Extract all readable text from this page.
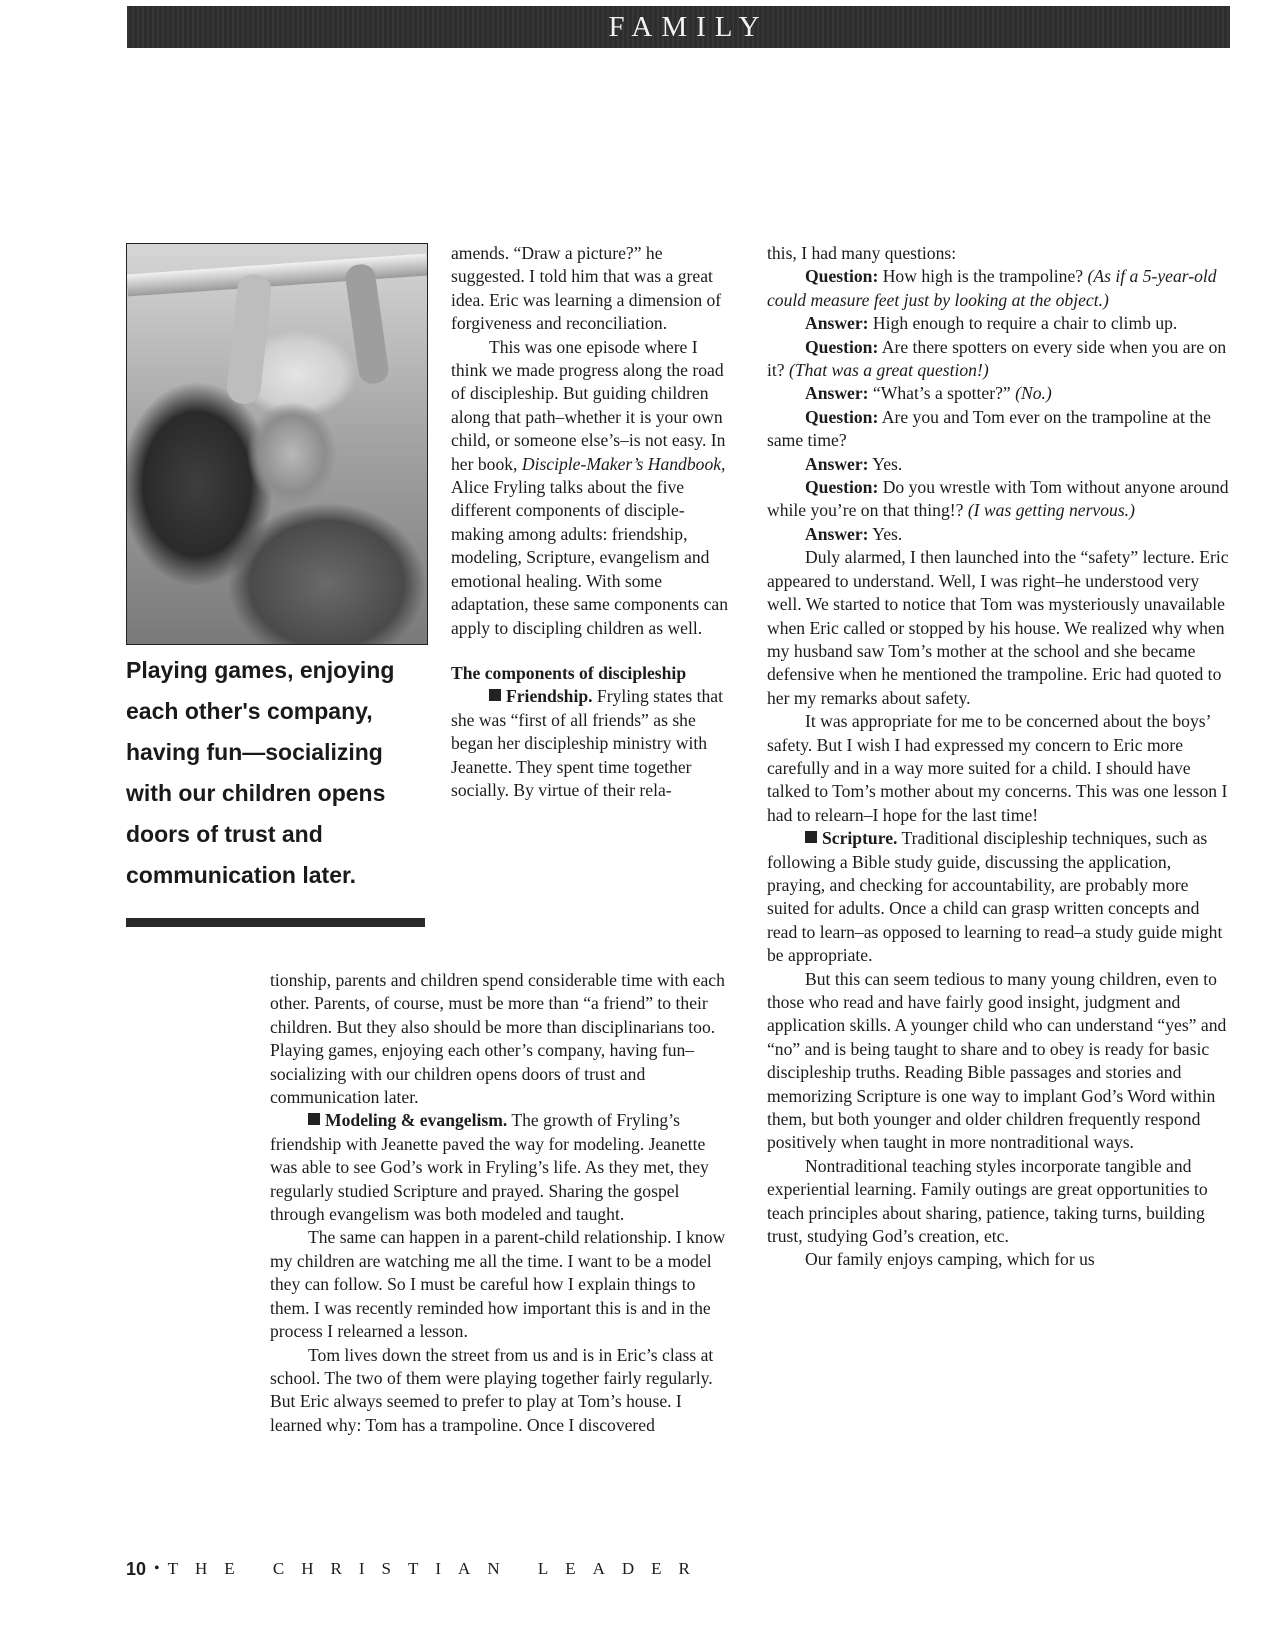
FAMILY

Playing games, enjoying each other's company, having fun—socializing with our children opens doors of trust and communication later.

amends. “Draw a picture?” he suggested. I told him that was a great idea. Eric was learning a dimension of forgiveness and reconciliation.

This was one episode where I think we made progress along the road of discipleship. But guiding children along that path–whether it is your own child, or someone else’s–is not easy. In her book, Disciple-Maker’s Handbook, Alice Fryling talks about the five different components of disciple-making among adults: friendship, modeling, Scripture, evangelism and emotional healing. With some adaptation, these same components can apply to discipling children as well.

The components of discipleship

Friendship. Fryling states that she was “first of all friends” as she began her discipleship ministry with Jeanette. They spent time together socially. By virtue of their rela-

tionship, parents and children spend considerable time with each other. Parents, of course, must be more than “a friend” to their children. But they also should be more than disciplinarians too. Playing games, enjoying each other’s company, having fun–socializing with our children opens doors of trust and communication later.

Modeling & evangelism. The growth of Fryling’s friendship with Jeanette paved the way for modeling. Jeanette was able to see God’s work in Fryling’s life. As they met, they regularly studied Scripture and prayed. Sharing the gospel through evangelism was both modeled and taught.

The same can happen in a parent-child relationship. I know my children are watching me all the time. I want to be a model they can follow. So I must be careful how I explain things to them. I was recently reminded how important this is and in the process I relearned a lesson.

Tom lives down the street from us and is in Eric’s class at school. The two of them were playing together fairly regularly. But Eric always seemed to prefer to play at Tom’s house. I learned why: Tom has a trampoline. Once I discovered

this, I had many questions:

Question: How high is the trampoline? (As if a 5-year-old could measure feet just by looking at the object.)

Answer: High enough to require a chair to climb up.

Question: Are there spotters on every side when you are on it? (That was a great question!)

Answer: “What’s a spotter?” (No.)

Question: Are you and Tom ever on the trampoline at the same time?

Answer: Yes.

Question: Do you wrestle with Tom without anyone around while you’re on that thing!? (I was getting nervous.)

Answer: Yes.

Duly alarmed, I then launched into the “safety” lecture. Eric appeared to understand. Well, I was right–he understood very well. We started to notice that Tom was mysteriously unavailable when Eric called or stopped by his house. We realized why when my husband saw Tom’s mother at the school and she became defensive when he mentioned the trampoline. Eric had quoted to her my remarks about safety.

It was appropriate for me to be concerned about the boys’ safety. But I wish I had expressed my concern to Eric more carefully and in a way more suited for a child. I should have talked to Tom’s mother about my concerns. This was one lesson I had to relearn–I hope for the last time!

Scripture. Traditional discipleship techniques, such as following a Bible study guide, discussing the application, praying, and checking for accountability, are probably more suited for adults. Once a child can grasp written concepts and read to learn–as opposed to learning to read–a study guide might be appropriate.

But this can seem tedious to many young children, even to those who read and have fairly good insight, judgment and application skills. A younger child who can understand “yes” and “no” and is being taught to share and to obey is ready for basic discipleship truths. Reading Bible passages and stories and memorizing Scripture is one way to implant God’s Word within them, but both younger and older children frequently respond positively when taught in more nontraditional ways.

Nontraditional teaching styles incorporate tangible and experiential learning. Family outings are great opportunities to teach principles about sharing, patience, taking turns, building trust, studying God’s creation, etc.

Our family enjoys camping, which for us

10 • THE CHRISTIAN LEADER
